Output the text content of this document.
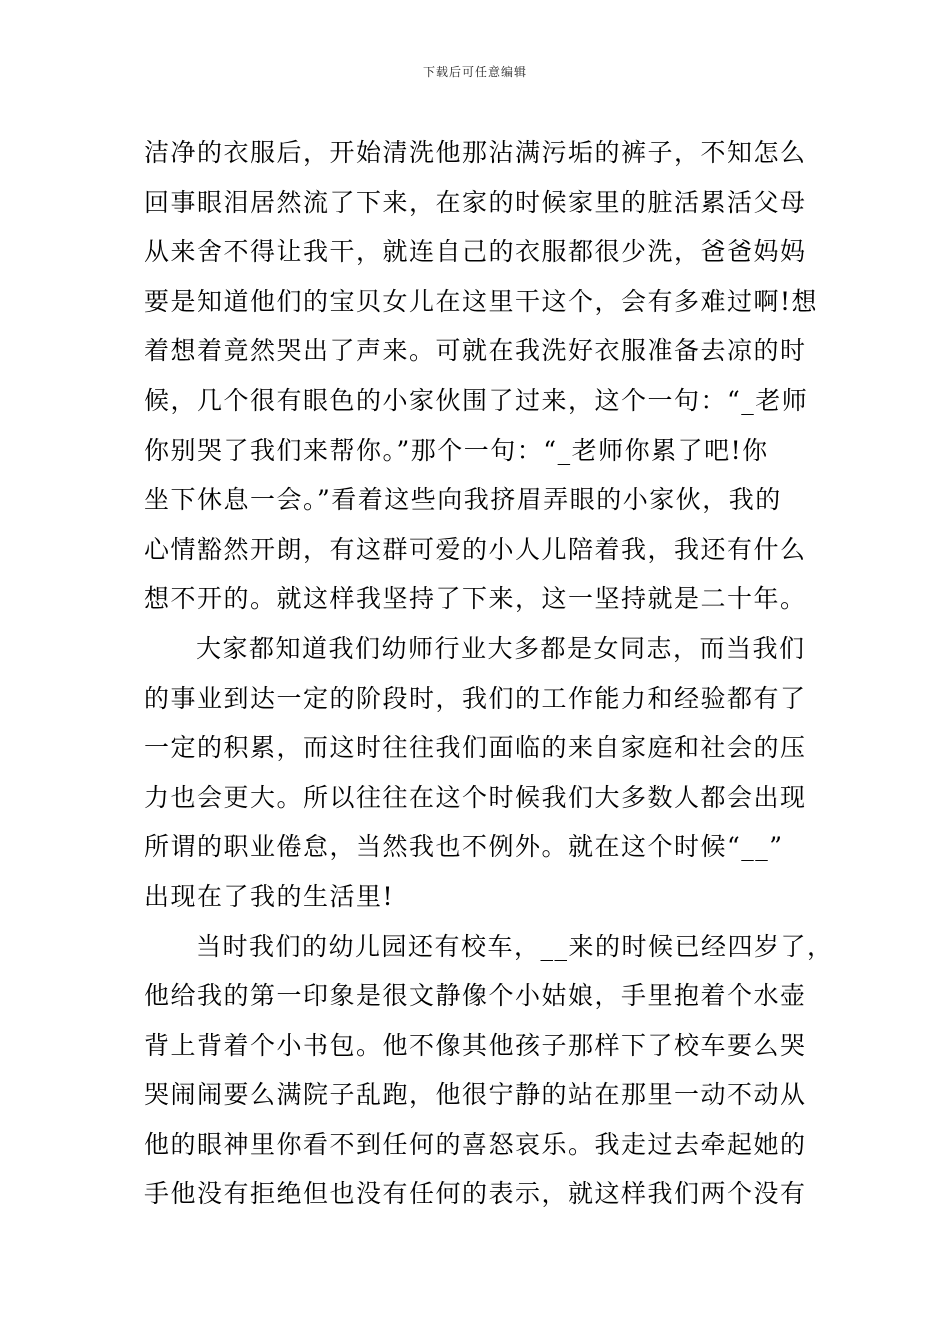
下载后可任意编辑
洁净的衣服后，开始清洗他那沾满污垢的裤子，不知怎么
回事眼泪居然流了下来，在家的时候家里的脏活累活父母
从来舍不得让我干，就连自己的衣服都很少洗，爸爸妈妈
要是知道他们的宝贝女儿在这里干这个，会有多难过啊!想
着想着竟然哭出了声来。可就在我洗好衣服准备去凉的时
候，几个很有眼色的小家伙围了过来，这个一句：“_老师
你别哭了我们来帮你。”那个一句：“_老师你累了吧!你
坐下休息一会。”看着这些向我挤眉弄眼的小家伙，我的
心情豁然开朗，有这群可爱的小人儿陪着我，我还有什么
想不开的。就这样我坚持了下来，这一坚持就是二十年。
大家都知道我们幼师行业大多都是女同志，而当我们
的事业到达一定的阶段时，我们的工作能力和经验都有了
一定的积累，而这时往往我们面临的来自家庭和社会的压
力也会更大。所以往往在这个时候我们大多数人都会出现
所谓的职业倦怠，当然我也不例外。就在这个时候“__”
出现在了我的生活里!
当时我们的幼儿园还有校车，__来的时候已经四岁了，
他给我的第一印象是很文静像个小姑娘，手里抱着个水壶
背上背着个小书包。他不像其他孩子那样下了校车要么哭
哭闹闹要么满院子乱跑，他很宁静的站在那里一动不动从
他的眼神里你看不到任何的喜怒哀乐。我走过去牵起她的
手他没有拒绝但也没有任何的表示，就这样我们两个没有
